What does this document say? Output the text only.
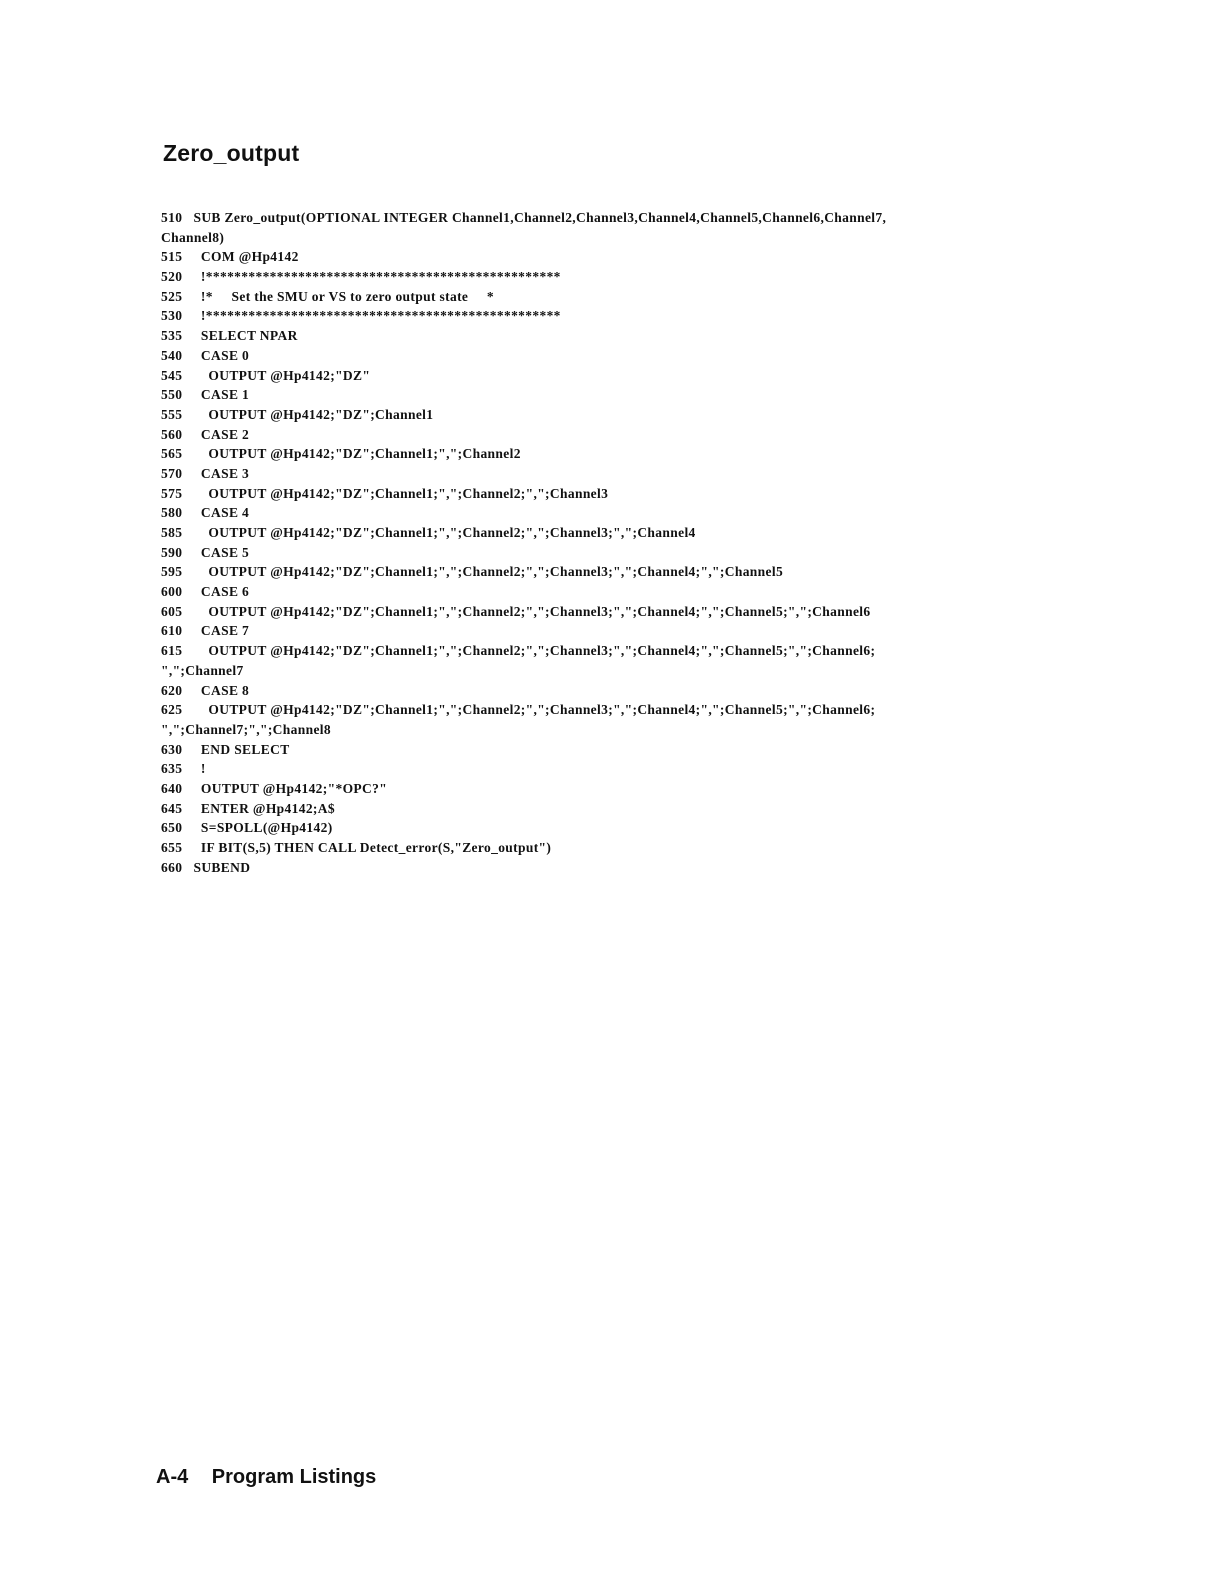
Zero_output
510   SUB Zero_output(OPTIONAL INTEGER Channel1,Channel2,Channel3,Channel4,Channel5,Channel6,Channel7,
Channel8)
515     COM @Hp4142
520     !**************************************************
525     !*     Set the SMU or VS to zero output state     *
530     !**************************************************
535     SELECT NPAR
540     CASE 0
545       OUTPUT @Hp4142;"DZ"
550     CASE 1
555       OUTPUT @Hp4142;"DZ";Channel1
560     CASE 2
565       OUTPUT @Hp4142;"DZ";Channel1;",";Channel2
570     CASE 3
575       OUTPUT @Hp4142;"DZ";Channel1;",";Channel2;",";Channel3
580     CASE 4
585       OUTPUT @Hp4142;"DZ";Channel1;",";Channel2;",";Channel3;",";Channel4
590     CASE 5
595       OUTPUT @Hp4142;"DZ";Channel1;",";Channel2;",";Channel3;",";Channel4;",";Channel5
600     CASE 6
605       OUTPUT @Hp4142;"DZ";Channel1;",";Channel2;",";Channel3;",";Channel4;",";Channel5;",";Channel6
610     CASE 7
615       OUTPUT @Hp4142;"DZ";Channel1;",";Channel2;",";Channel3;",";Channel4;",";Channel5;",";Channel6;
",";Channel7
620     CASE 8
625       OUTPUT @Hp4142;"DZ";Channel1;",";Channel2;",";Channel3;",";Channel4;",";Channel5;",";Channel6;
",";Channel7;",";Channel8
630     END SELECT
635     !
640     OUTPUT @Hp4142;"*OPC?"
645     ENTER @Hp4142;A$
650     S=SPOLL(@Hp4142)
655     IF BIT(S,5) THEN CALL Detect_error(S,"Zero_output")
660   SUBEND
A-4 Program Listings
